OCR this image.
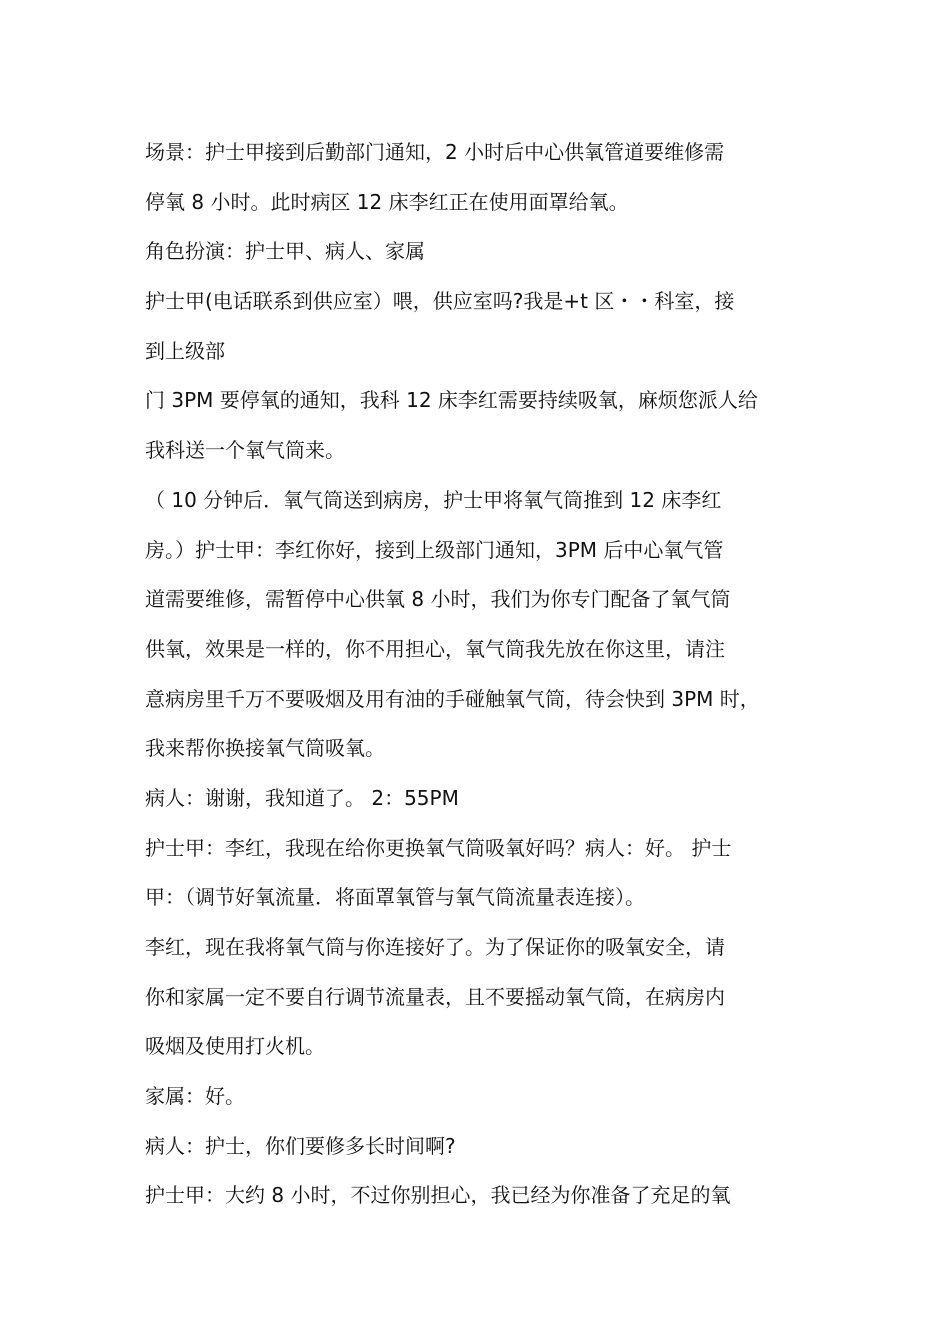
场景：护士甲接到后勤部门通知，2 小时后中心供氧管道要维修需
停氧 8 小时。此时病区 12 床李红正在使用面罩给氧。
角色扮演：护士甲、病人、家属
护士甲(电话联系到供应室）喂，供应室吗?我是+t 区・・科室，接
到上级部
门 3PM 要停氧的通知，我科 12 床李红需要持续吸氧，麻烦您派人给
我科送一个氧气筒来。
（ 10 分钟后．氧气筒送到病房，护士甲将氧气筒推到 12 床李红
房。）护士甲：李红你好，接到上级部门通知，3PM 后中心氧气管
道需要维修，需暂停中心供氧 8 小时，我们为你专门配备了氧气筒
供氧，效果是一样的，你不用担心，氧气筒我先放在你这里，请注
意病房里千万不要吸烟及用有油的手碰触氧气筒，待会快到 3PM 时，
我来帮你换接氧气筒吸氧。
病人：谢谢，我知道了。 2：55PM
护士甲：李红，我现在给你更换氧气筒吸氧好吗？病人：好。 护士
甲：（调节好氧流量．将面罩氧管与氧气筒流量表连接）。
李红，现在我将氧气筒与你连接好了。为了保证你的吸氧安全，请
你和家属一定不要自行调节流量表，且不要摇动氧气筒，在病房内
吸烟及使用打火机。
家属：好。
病人：护士，你们要修多长时间啊?
护士甲：大约 8 小时，不过你别担心，我已经为你准备了充足的氧
